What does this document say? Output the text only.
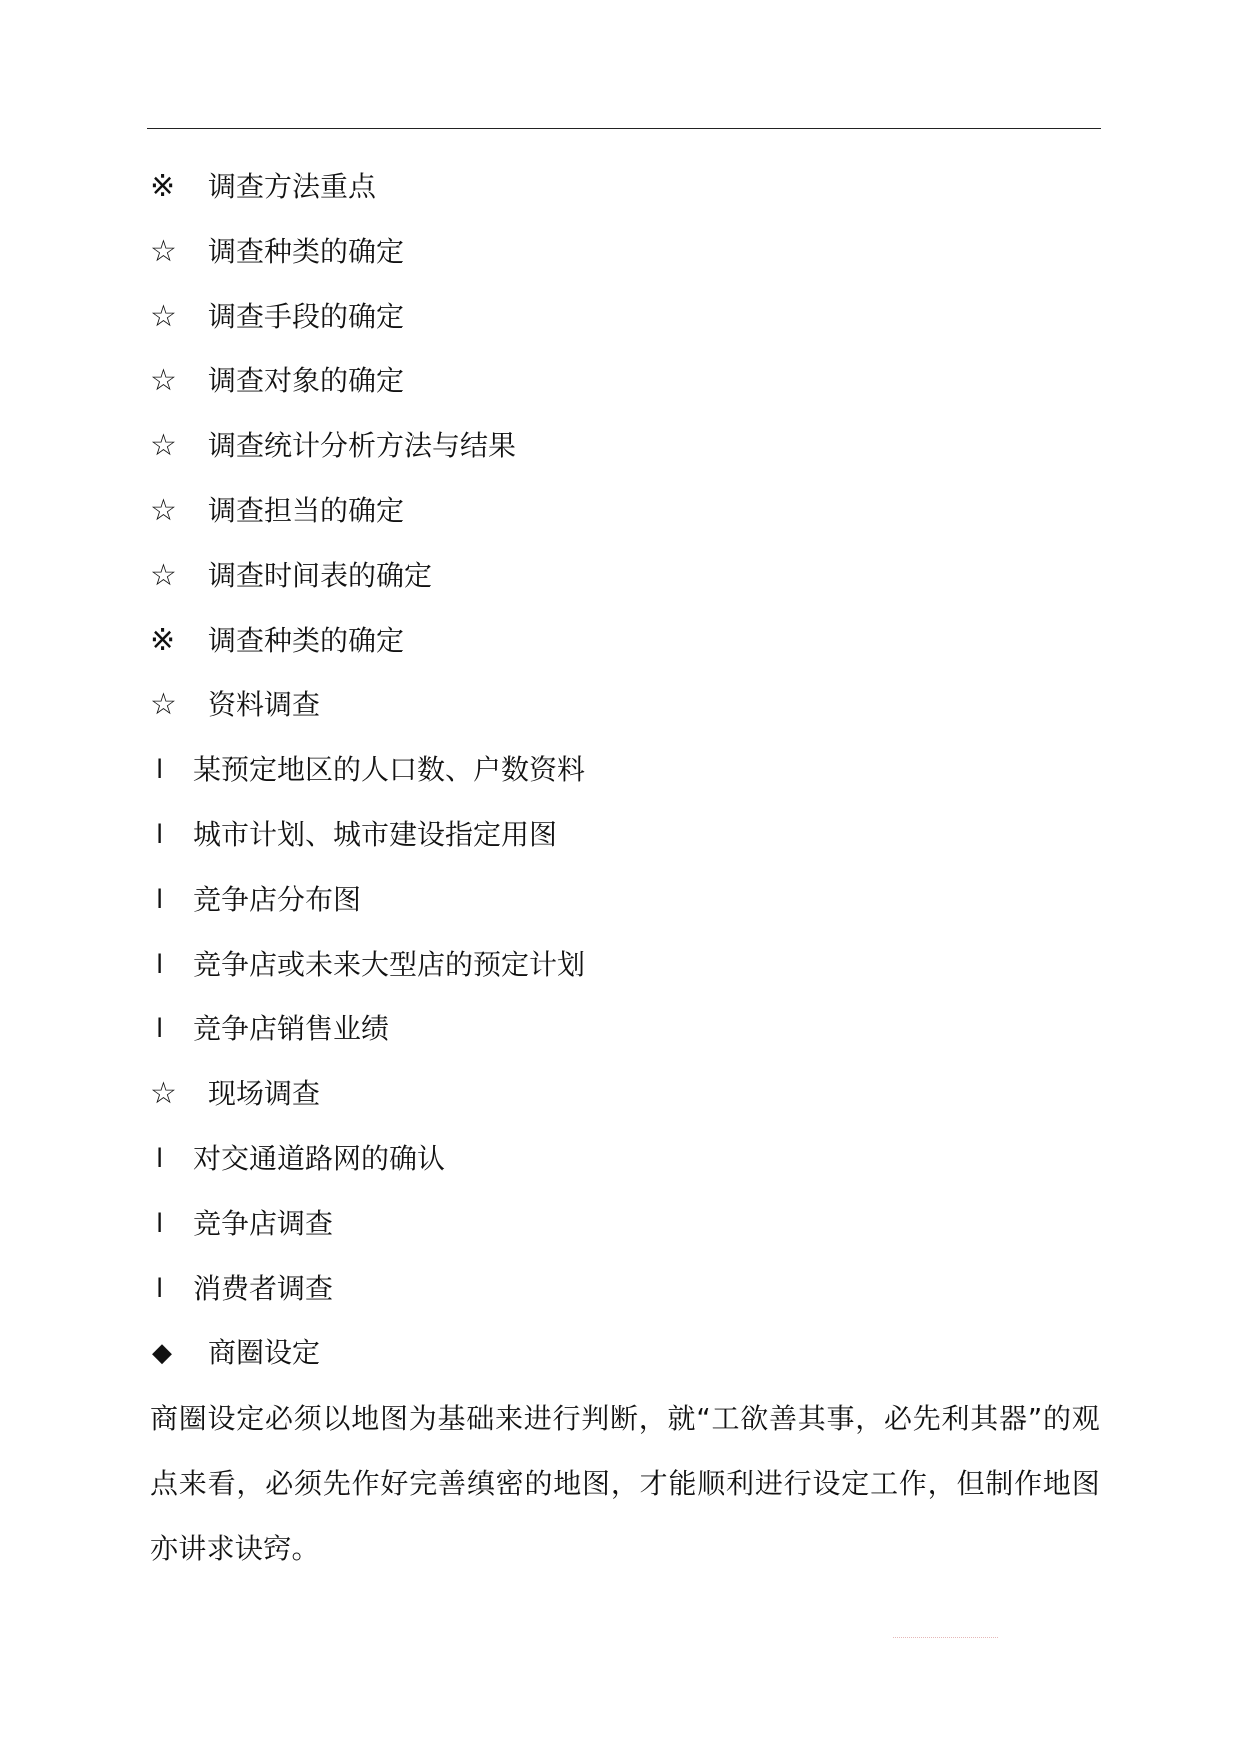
※	调查方法重点
☆	调查种类的确定
☆	调查手段的确定
☆	调查对象的确定
☆	调查统计分析方法与结果
☆	调查担当的确定
☆	调查时间表的确定
※	调查种类的确定
☆	资料调查
l	某预定地区的人口数、户数资料
l	城市计划、城市建设指定用图
l	竞争店分布图
l	竞争店或未来大型店的预定计划
l	竞争店销售业绩
☆	现场调查
l	对交通道路网的确认
l	竞争店调查
l	消费者调查
◆	商圈设定

商圈设定必须以地图为基础来进行判断，就“工欲善其事，必先利其器”的观点来看，必须先作好完善缜密的地图，才能顺利进行设定工作，但制作地图亦讲求诀窍。
